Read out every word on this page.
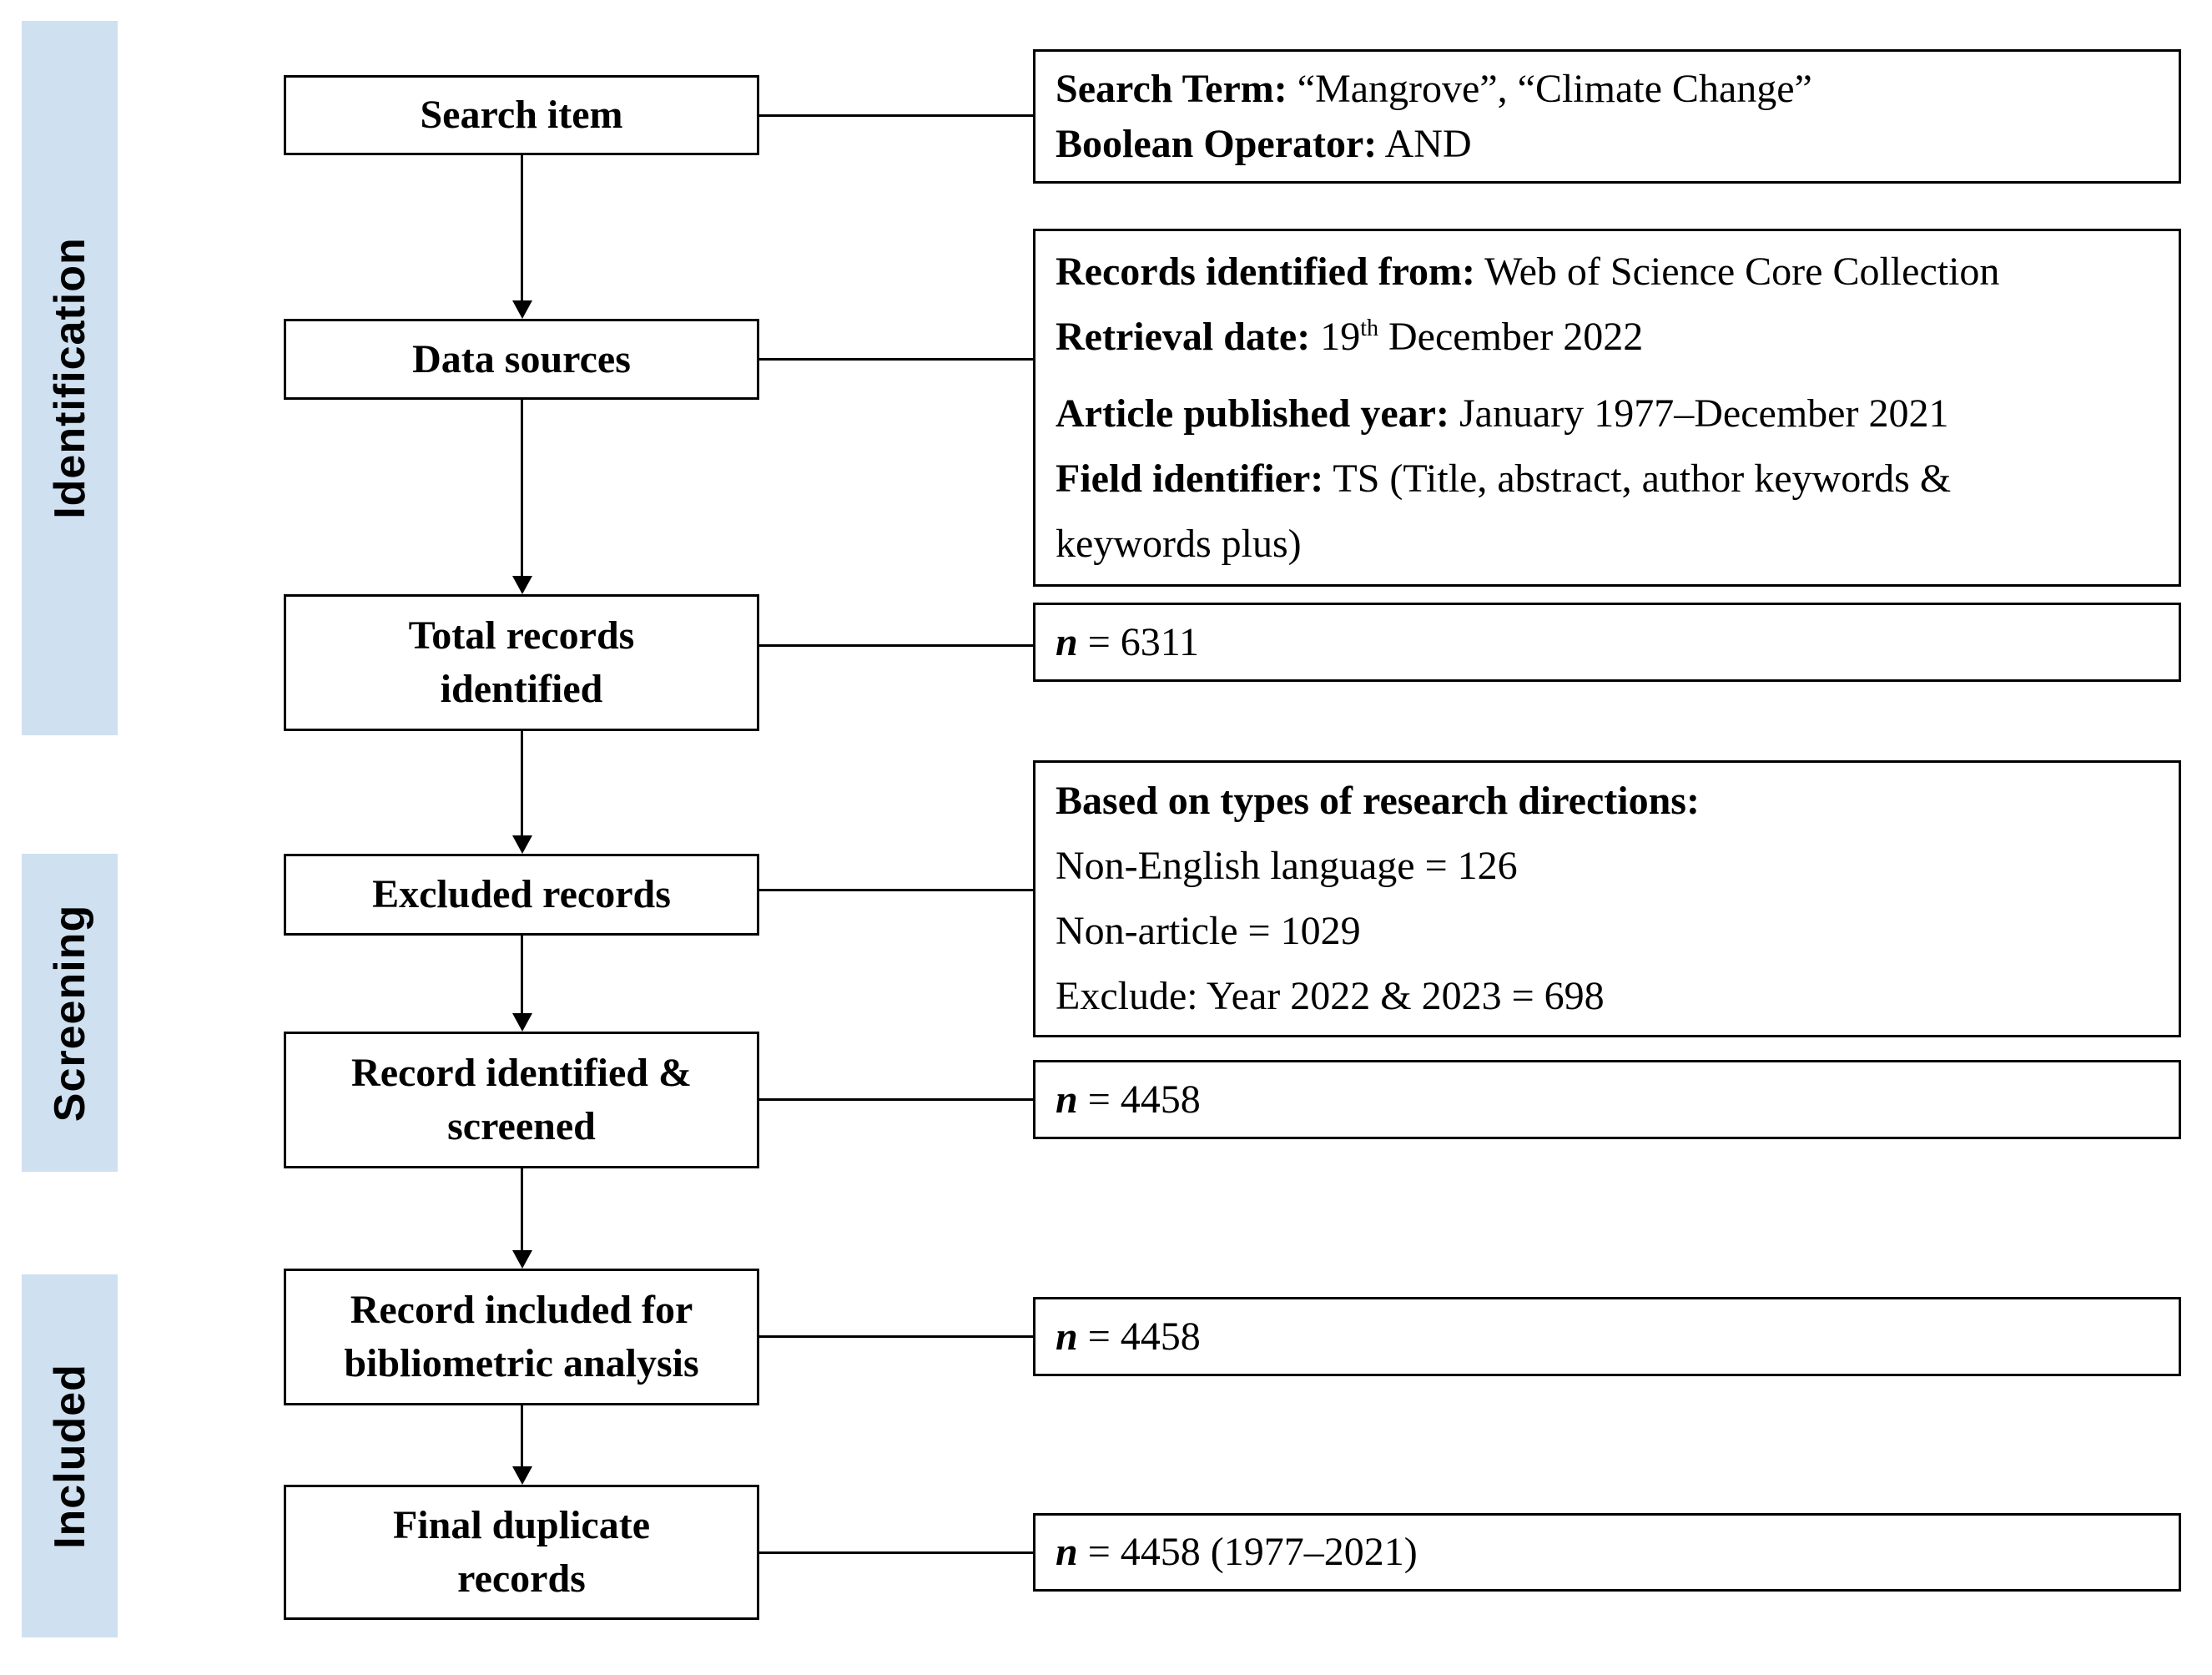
Identification
Screening
Included
Search item
Data sources
Total records
identified
Excluded records
Record identified &
screened
Record included for
bibliometric analysis
Final duplicate
records
Search Term: “Mangrove”, “Climate Change”
Boolean Operator: AND
Records identified from: Web of Science Core Collection
Retrieval date: 19th December 2022
Article published year: January 1977–December 2021
Field identifier: TS (Title, abstract, author keywords &
keywords plus)
n = 6311
Based on types of research directions:
Non-English language = 126
Non-article = 1029
Exclude: Year 2022 & 2023 = 698
n = 4458
n = 4458
n = 4458 (1977–2021)
